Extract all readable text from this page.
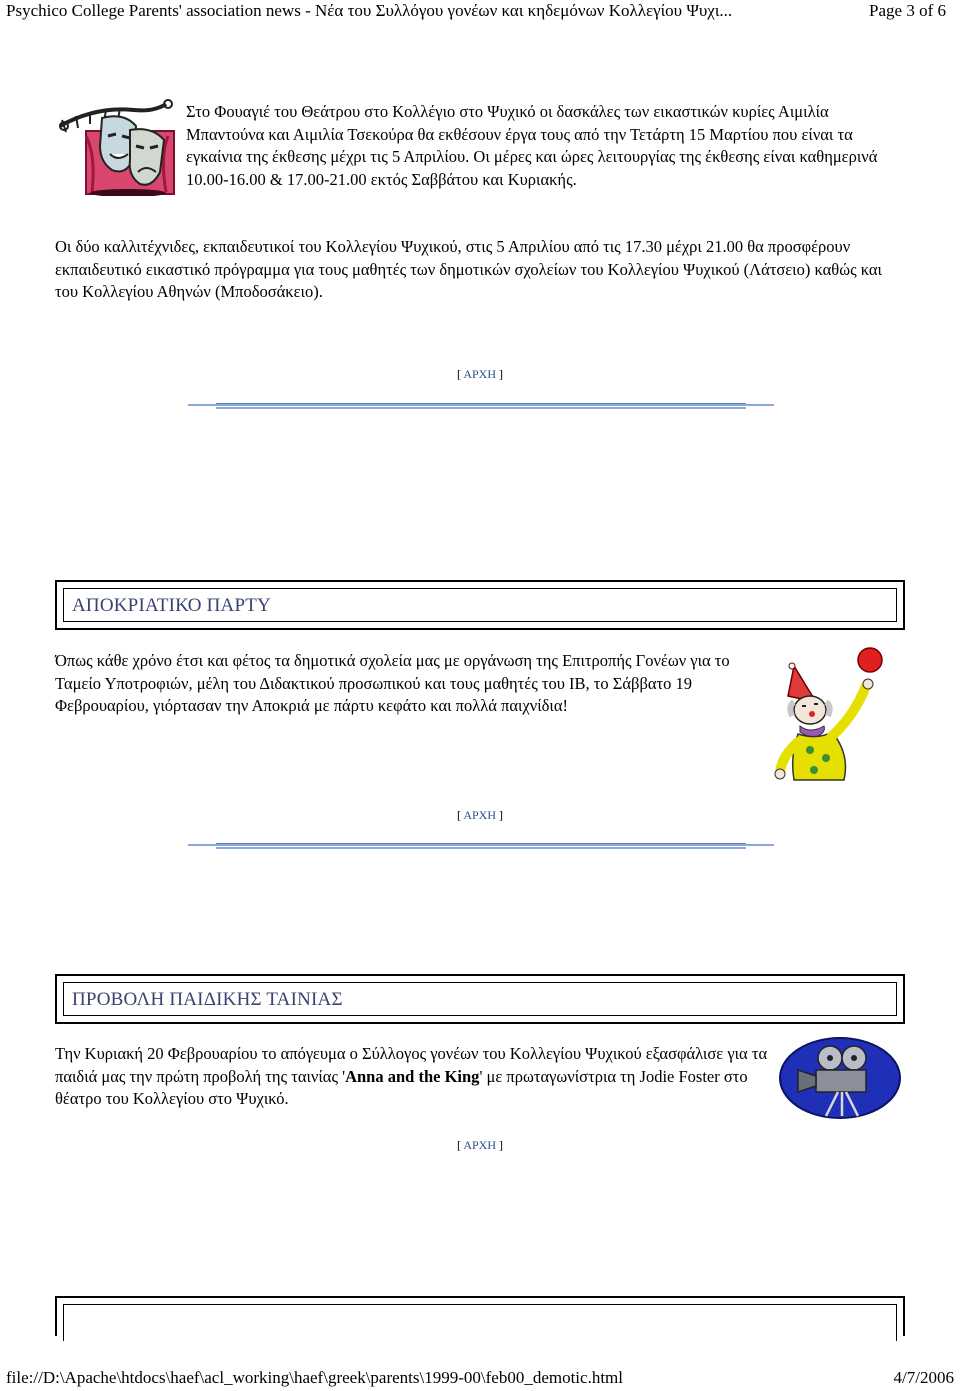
Psychico College Parents' association news - Νέα του Συλλόγου γονέων και κηδεμόνων Κολλεγίου Ψυχι...	Page 3 of 6

Στο Φουαγιέ του Θεάτρου στο Κολλέγιο στο Ψυχικό οι δασκάλες των εικαστικών κυρίες Αιμιλία Μπαντούνα και Αιμιλία Τσεκούρα θα εκθέσουν έργα τους από την Τετάρτη 15 Μαρτίου που είναι τα εγκαίνια της έκθεσης μέχρι τις 5 Απριλίου. Οι μέρες και ώρες λειτουργίας της έκθεσης είναι καθημερινά 10.00-16.00 & 17.00-21.00 εκτός Σαββάτου και Κυριακής.

Οι δύο καλλιτέχνιδες, εκπαιδευτικοί του Κολλεγίου Ψυχικού, στις 5 Απριλίου από τις 17.30 μέχρι 21.00 θα προσφέρουν εκπαιδευτικό εικαστικό πρόγραμμα για τους μαθητές των δημοτικών σχολείων του Κολλεγίου Ψυχικού (Λάτσειο) καθώς και του Κολλεγίου Αθηνών (Μποδοσάκειο).

[ ΑΡΧΗ ]
ΑΠΟΚΡΙΑΤΙΚΟ ΠΑΡΤΥ

Όπως κάθε χρόνο έτσι και φέτος τα δημοτικά σχολεία μας με οργάνωση της Επιτροπής Γονέων για το Ταμείο Υποτροφιών, μέλη του Διδακτικού προσωπικού και τους μαθητές του IB, το Σάββατο 19 Φεβρουαρίου, γιόρτασαν την Αποκριά με πάρτυ κεφάτο και πολλά παιχνίδια!

[ ΑΡΧΗ ]
ΠΡΟΒΟΛΗ ΠΑΙΔΙΚΗΣ ΤΑΙΝΙΑΣ

Την Κυριακή 20 Φεβρουαρίου το απόγευμα ο Σύλλογος γονέων του Κολλεγίου Ψυχικού εξασφάλισε για τα παιδιά μας την πρώτη προβολή της ταινίας 'Anna and the King' με πρωταγωνίστρια τη Jodie Foster στο θέατρο του Κολλεγίου στο Ψυχικό.

[ ΑΡΧΗ ]
file://D:\Apache\htdocs\haef\acl_working\haef\greek\parents\1999-00\feb00_demotic.html	4/7/2006
